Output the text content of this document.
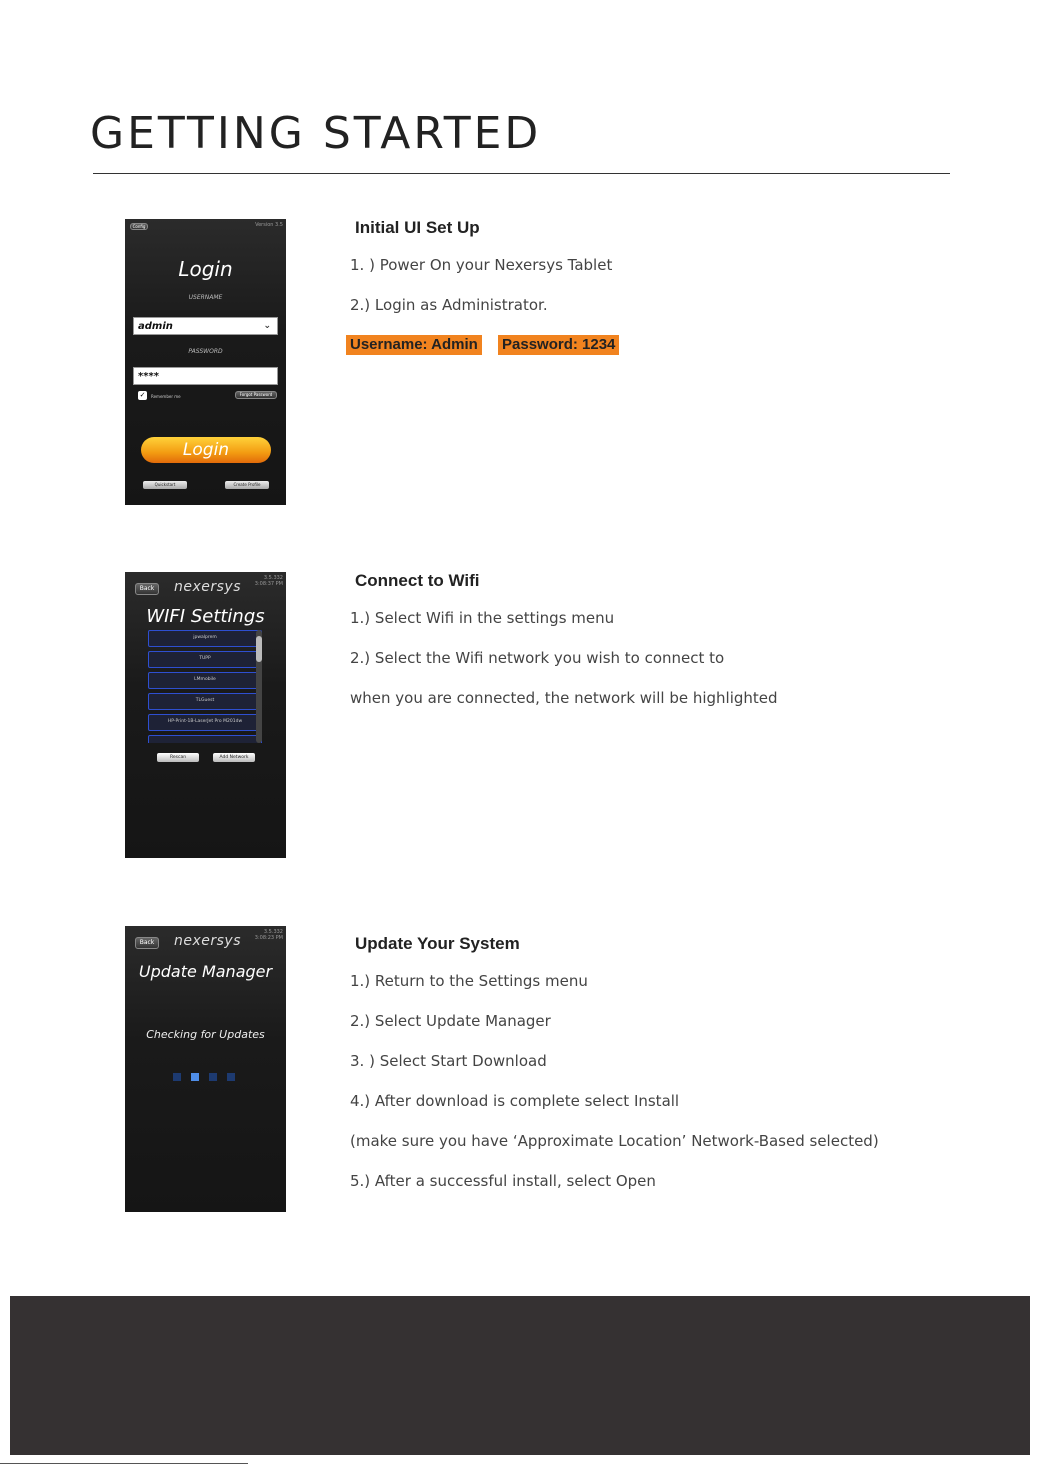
GETTING STARTED
Config	Version 3.5
Login
USERNAME
admin	⌄
PASSWORD
****
✓	Remember me	Forgot Password
Login
Quickstart	Create Profile
Initial UI Set Up
1. ) Power On your Nexersys Tablet
2.) Login as Administrator.
Username: Admin Password: 1234
Back	nexersys
3.5.332
3:08:37 PM
WIFI Settings
jpwalprem
TUPP
LMmobile
TLGuest
HP-Print-1B-LaserJet Pro M201dw
Rescan	Add Network
Connect to Wifi
1.) Select Wifi in the settings menu
2.) Select the Wifi network you wish to connect to
when you are connected, the network will be highlighted
Back	nexersys
3.5.332
3:08:23 PM
Update Manager
Checking for Updates
Update Your System
1.) Return to the Settings menu
2.) Select Update Manager
3. ) Select Start Download
4.) After download is complete select Install
(make sure you have ‘Approximate Location’ Network-Based selected)
5.) After a successful install, select Open
